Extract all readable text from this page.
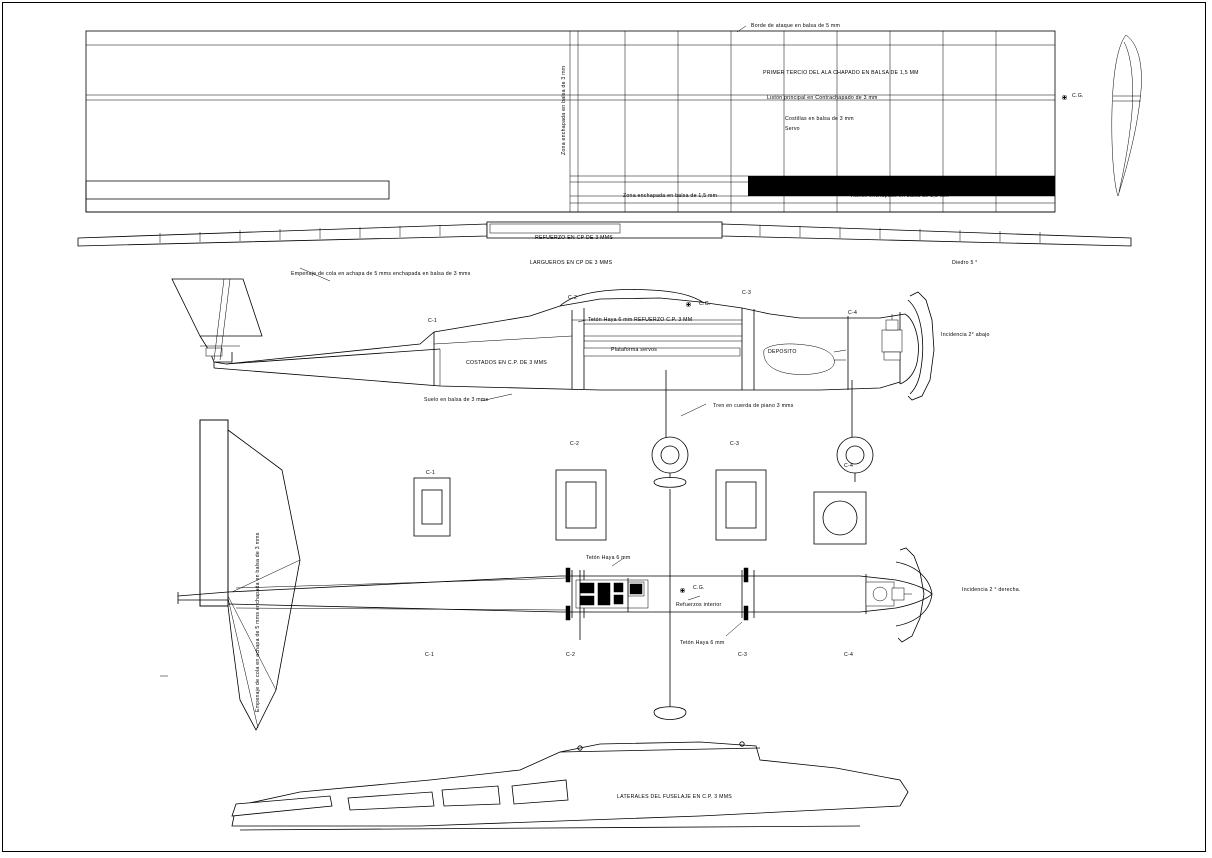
Borde de ataque en balsa de 5 mm
PRIMER TERCIO DEL ALA CHAPADO EN BALSA DE 1,5 MM
Listón principal en Contrachapado de 3 mm
Costillas en balsa de 3 mm
Servo
Zona enchapada en balsa de 3 mm
Zona enchapada en balsa de 1,5 mm	Alerón enchapado en balsa de 1,5 mm
C.G.
REFUERZO EN CP DE 3 MMS
LARGUEROS EN CP DE 3 MMS	Diedro 5 °
Empenaje de cola en achapa de 5 mms enchapada en balsa de 3 mms
C-2
C-3
C-1
C-4
C.G.
Tetón Haya 6 mm REFUERZO C.P. 3 MM
COSTADOS EN C.P. DE 3 MMS
Plataforma servos	DEPOSITO
Incidencia 2° abajo
Suelo en balsa de 3 mms
Tren en cuerda de piano 3 mms
C-1
C-2	C-3
C-4
C-1	C-2	C-3	C-4
Tetón Haya 6 mm
Tetón Haya 6 mm
C.G.
Refuerzos interior
Incidencia 2 ° derecha.
Empenaje de cola en achapa de 5 mms enchapada en balsa de 3 mms
LATERALES DEL FUSELAJE EN C.P. 3 MMS
